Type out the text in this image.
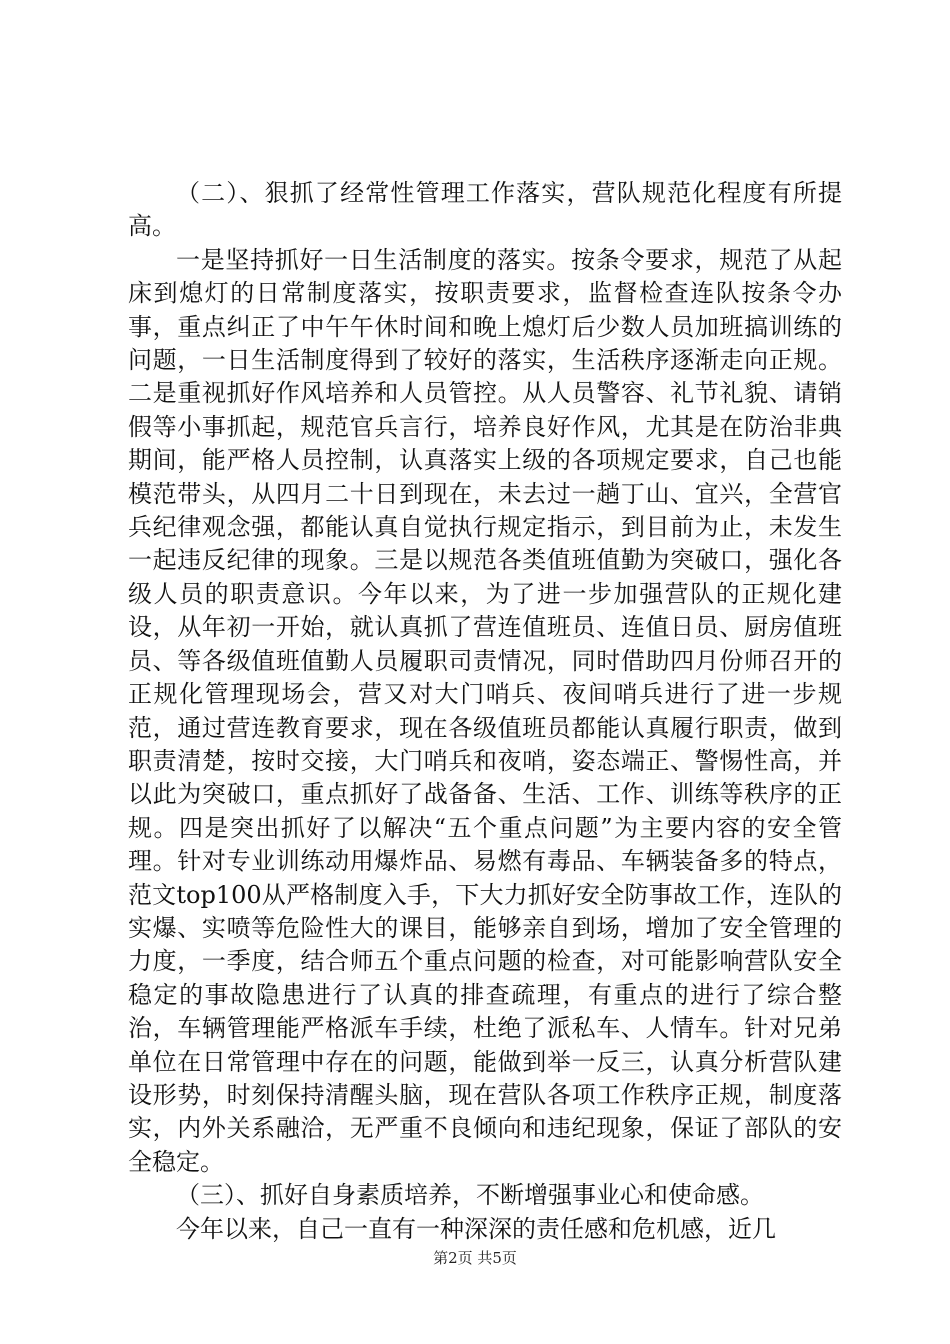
（二）、狠抓了经常性管理工作落实，营队规范化程度有所提高。

一是坚持抓好一日生活制度的落实。按条令要求，规范了从起床到熄灯的日常制度落实，按职责要求，监督检查连队按条令办事，重点纠正了中午午休时间和晚上熄灯后少数人员加班搞训练的问题，一日生活制度得到了较好的落实，生活秩序逐渐走向正规。二是重视抓好作风培养和人员管控。从人员警容、礼节礼貌、请销假等小事抓起，规范官兵言行，培养良好作风，尤其是在防治非典期间，能严格人员控制，认真落实上级的各项规定要求，自己也能模范带头，从四月二十日到现在，未去过一趟丁山、宜兴，全营官兵纪律观念强，都能认真自觉执行规定指示，到目前为止，未发生一起违反纪律的现象。三是以规范各类值班值勤为突破口，强化各级人员的职责意识。今年以来，为了进一步加强营队的正规化建设，从年初一开始，就认真抓了营连值班员、连值日员、厨房值班员、等各级值班值勤人员履职司责情况，同时借助四月份师召开的正规化管理现场会，营又对大门哨兵、夜间哨兵进行了进一步规范，通过营连教育要求，现在各级值班员都能认真履行职责，做到职责清楚，按时交接，大门哨兵和夜哨，姿态端正、警惕性高，并以此为突破口，重点抓好了战备备、生活、工作、训练等秩序的正规。四是突出抓好了以解决“五个重点问题”为主要内容的安全管理。针对专业训练动用爆炸品、易燃有毒品、车辆装备多的特点，范文top100从严格制度入手，下大力抓好安全防事故工作，连队的实爆、实喷等危险性大的课目，能够亲自到场，增加了安全管理的力度，一季度，结合师五个重点问题的检查，对可能影响营队安全稳定的事故隐患进行了认真的排查疏理，有重点的进行了综合整治，车辆管理能严格派车手续，杜绝了派私车、人情车。针对兄弟单位在日常管理中存在的问题，能做到举一反三，认真分析营队建设形势，时刻保持清醒头脑，现在营队各项工作秩序正规，制度落实，内外关系融洽，无严重不良倾向和违纪现象，保证了部队的安全稳定。

（三）、抓好自身素质培养，不断增强事业心和使命感。

今年以来，自己一直有一种深深的责任感和危机感，近几

第2页 共5页
